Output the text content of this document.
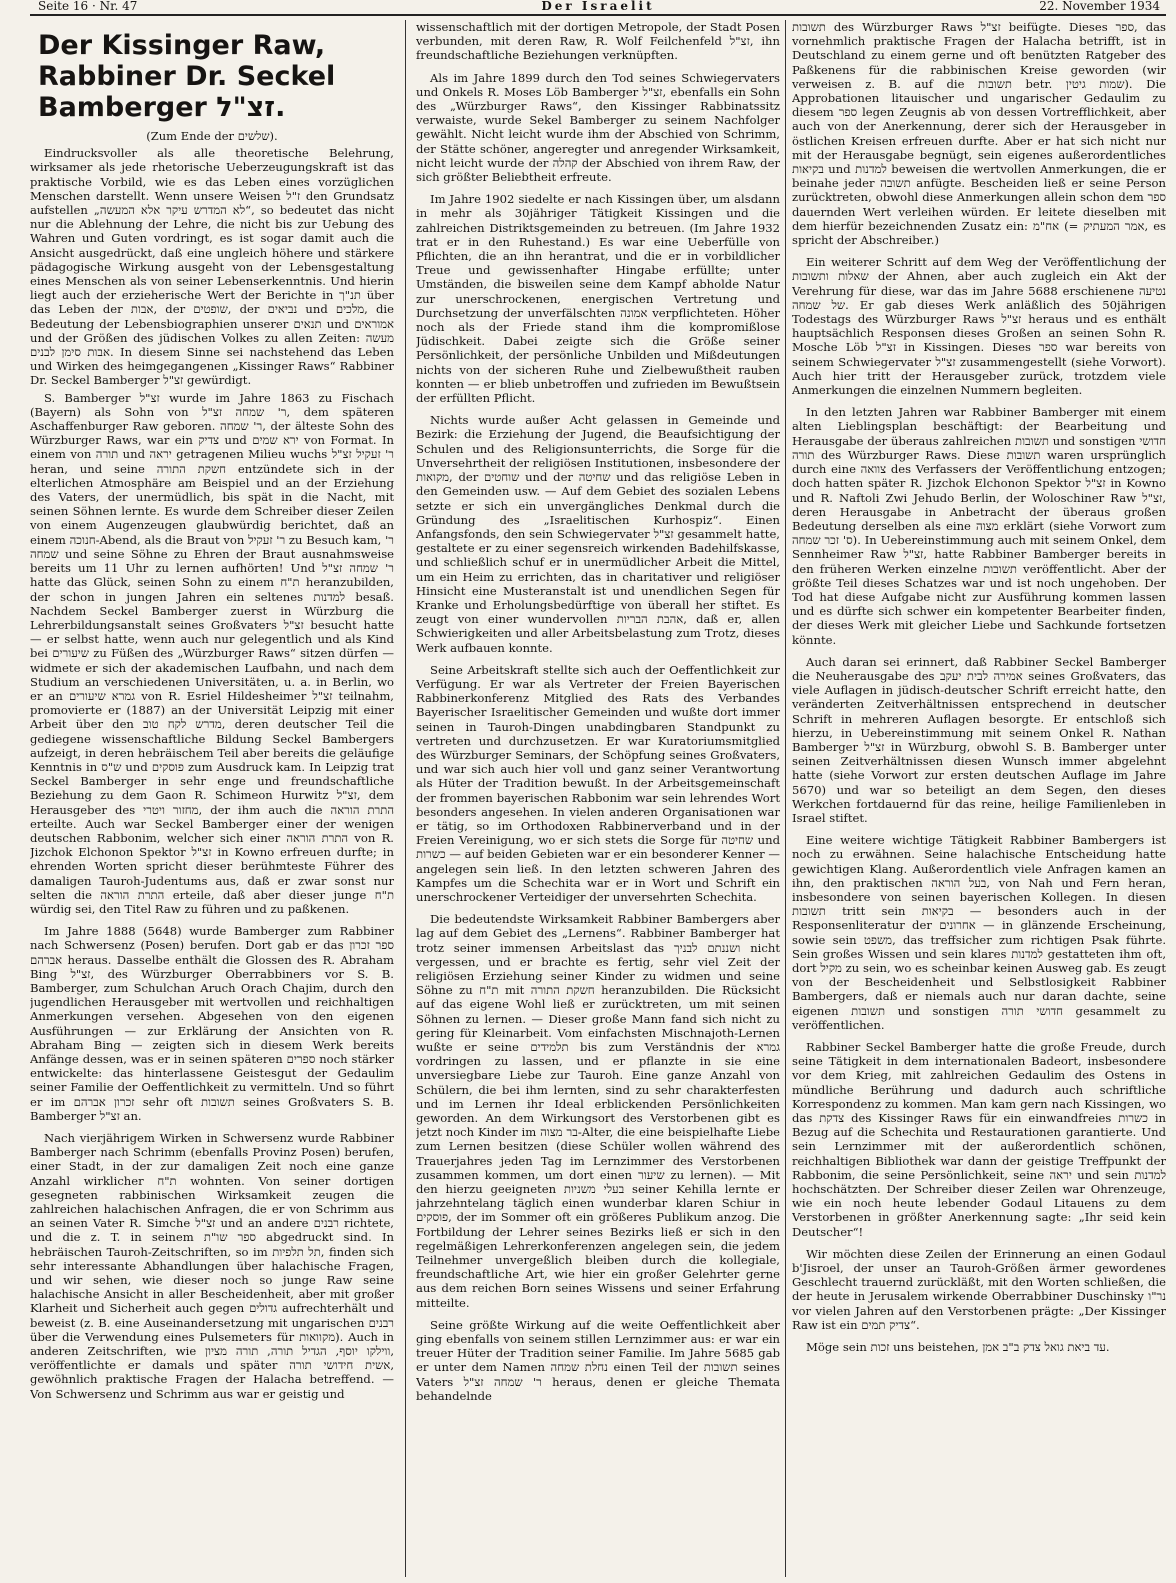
Seite 16 · Nr. 47	Der Israelit	22. November 1934
Der Kissinger Raw, Rabbiner Dr. Seckel Bamberger זצ"ל.

(Zum Ende der שלשים).

Eindrucksvoller als alle theoretische Belehrung, wirksamer als jede rhetorische Ueberzeugungskraft ist das praktische Vorbild, wie es das Leben eines vorzüglichen Menschen darstellt. Wenn unsere Weisen ז"ל den Grundsatz aufstellen „לא המדרש עיקר אלא המעשה“, so bedeutet das nicht nur die Ablehnung der Lehre, die nicht bis zur Uebung des Wahren und Guten vordringt, es ist sogar damit auch die Ansicht ausgedrückt, daß eine ungleich höhere und stärkere pädagogische Wirkung ausgeht von der Lebensgestaltung eines Menschen als von seiner Lebenserkenntnis. Und hierin liegt auch der erzieherische Wert der Berichte in תנ"ך über das Leben der אבות, der שופטים, der נביאים und מלכים, die Bedeutung der Lebensbiographien unserer תנאים und אמוראים und der Größen des jüdischen Volkes zu allen Zeiten: מעשה אבות סימן לבנים. In diesem Sinne sei nachstehend das Leben und Wirken des heimgegangenen „Kissinger Raws“ Rabbiner Dr. Seckel Bamberger זצ"ל gewürdigt.

S. Bamberger זצ"ל wurde im Jahre 1863 zu Fischach (Bayern) als Sohn von ר' שמחה זצ"ל, dem späteren Aschaffenburger Raw geboren. ר' שמחה, der älteste Sohn des Würzburger Raws, war ein צדיק und ירא שמים von Format. In einem von תורה und יראה getragenen Milieu wuchs ר' זעקיל זצ"ל heran, und seine חשקת התורה entzündete sich in der elterlichen Atmosphäre am Beispiel und an der Erziehung des Vaters, der unermüdlich, bis spät in die Nacht, mit seinen Söhnen lernte. Es wurde dem Schreiber dieser Zeilen von einem Augenzeugen glaubwürdig berichtet, daß an einem חנוכה-Abend, als die Braut von ר' זעקיל zu Besuch kam, ר' שמחה und seine Söhne zu Ehren der Braut ausnahmsweise bereits um 11 Uhr zu lernen aufhörten! Und ר' שמחה זצ"ל hatte das Glück, seinen Sohn zu einem ת"ח heranzubilden, der schon in jungen Jahren ein seltenes למדנות besaß. Nachdem Seckel Bamberger zuerst in Würzburg die Lehrerbildungsanstalt seines Großvaters זצ"ל besucht hatte — er selbst hatte, wenn auch nur gelegentlich und als Kind bei שיעורים zu Füßen des „Würzburger Raws“ sitzen dürfen — widmete er sich der akademischen Laufbahn, und nach dem Studium an verschiedenen Universitäten, u. a. in Berlin, wo er an גמרא שיעורים von R. Esriel Hildesheimer זצ"ל teilnahm, promovierte er (1887) an der Universität Leipzig mit einer Arbeit über den מדרש לקח טוב, deren deutscher Teil die gediegene wissenschaftliche Bildung Seckel Bambergers aufzeigt, in deren hebräischem Teil aber bereits die geläufige Kenntnis in ש"ס und פוסקים zum Ausdruck kam. In Leipzig trat Seckel Bamberger in sehr enge und freundschaftliche Beziehung zu dem Gaon R. Schimeon Hurwitz זצ"ל, dem Herausgeber des מחזור ויטרי, der ihm auch die התרת הוראה erteilte. Auch war Seckel Bamberger einer der wenigen deutschen Rabbonim, welcher sich einer התרת הוראה von R. Jizchok Elchonon Spektor זצ"ל in Kowno erfreuen durfte; in ehrenden Worten spricht dieser berühmteste Führer des damaligen Tauroh-Judentums aus, daß er zwar sonst nur selten die התרת הוראה erteile, daß aber dieser junge ת"ח würdig sei, den Titel Raw zu führen und zu paßkenen.

Im Jahre 1888 (5648) wurde Bamberger zum Rabbiner nach Schwersenz (Posen) berufen. Dort gab er das ספר זכרון אברהם heraus. Dasselbe enthält die Glossen des R. Abraham Bing זצ"ל, des Würzburger Oberrabbiners vor S. B. Bamberger, zum Schulchan Aruch Orach Chajim, durch den jugendlichen Herausgeber mit wertvollen und reichhaltigen Anmerkungen versehen. Abgesehen von den eigenen Ausführungen — zur Erklärung der Ansichten von R. Abraham Bing — zeigten sich in diesem Werk bereits Anfänge dessen, was er in seinen späteren ספרים noch stärker entwickelte: das hinterlassene Geistesgut der Gedaulim seiner Familie der Oeffentlichkeit zu vermitteln. Und so führt er im זכרון אברהם sehr oft תשובות seines Großvaters S. B. Bamberger זצ"ל an.

Nach vierjährigem Wirken in Schwersenz wurde Rabbiner Bamberger nach Schrimm (ebenfalls Provinz Posen) berufen, einer Stadt, in der zur damaligen Zeit noch eine ganze Anzahl wirklicher ת"ח wohnten. Von seiner dortigen gesegneten rabbinischen Wirksamkeit zeugen die zahlreichen halachischen Anfragen, die er von Schrimm aus an seinen Vater R. Simche זצ"ל und an andere רבנים richtete, und die z. T. in seinem ספר שו"ת abgedruckt sind. In hebräischen Tauroh-Zeitschriften, so im תל תלפיות, finden sich sehr interessante Abhandlungen über halachische Fragen, und wir sehen, wie dieser noch so junge Raw seine halachische Ansicht in aller Bescheidenheit, aber mit großer Klarheit und Sicherheit auch gegen גדולים aufrechterhält und beweist (z. B. eine Auseinandersetzung mit ungarischen רבנים über die Verwendung eines Pulsemeters für מקוואות). Auch in anderen Zeitschriften, wie ווילקו יוסף, הגדיל תורה, תורה מציון, veröffentlichte er damals und später אשית חידושי תורה, gewöhnlich praktische Fragen der Halacha betreffend. — Von Schwersenz und Schrimm aus war er geistig und

wissenschaftlich mit der dortigen Metropole, der Stadt Posen verbunden, mit deren Raw, R. Wolf Feilchenfeld זצ"ל, ihn freundschaftliche Beziehungen verknüpften.

Als im Jahre 1899 durch den Tod seines Schwiegervaters und Onkels R. Moses Löb Bamberger זצ"ל, ebenfalls ein Sohn des „Würzburger Raws“, den Kissinger Rabbinatssitz verwaiste, wurde Sekel Bamberger zu seinem Nachfolger gewählt. Nicht leicht wurde ihm der Abschied von Schrimm, der Stätte schöner, angeregter und anregender Wirksamkeit, nicht leicht wurde der קהלה der Abschied von ihrem Raw, der sich größter Beliebtheit erfreute.

Im Jahre 1902 siedelte er nach Kissingen über, um alsdann in mehr als 30jähriger Tätigkeit Kissingen und die zahlreichen Distriktsgemeinden zu betreuen. (Im Jahre 1932 trat er in den Ruhestand.) Es war eine Ueberfülle von Pflichten, die an ihn herantrat, und die er in vorbildlicher Treue und gewissenhafter Hingabe erfüllte; unter Umständen, die bisweilen seine dem Kampf abholde Natur zur unerschrockenen, energischen Vertretung und Durchsetzung der unverfälschten אמונה verpflichteten. Höher noch als der Friede stand ihm die kompromißlose Jüdischkeit. Dabei zeigte sich die Größe seiner Persönlichkeit, der persönliche Unbilden und Mißdeutungen nichts von der sicheren Ruhe und Zielbewußtheit rauben konnten — er blieb unbetroffen und zufrieden im Bewußtsein der erfüllten Pflicht.

Nichts wurde außer Acht gelassen in Gemeinde und Bezirk: die Erziehung der Jugend, die Beaufsichtigung der Schulen und des Religionsunterrichts, die Sorge für die Unversehrtheit der religiösen Institutionen, insbesondere der מקואות, der שוחטים und der שחיטה und das religiöse Leben in den Gemeinden usw. — Auf dem Gebiet des sozialen Lebens setzte er sich ein unvergängliches Denkmal durch die Gründung des „Israelitischen Kurhospiz“. Einen Anfangsfonds, den sein Schwiegervater זצ"ל gesammelt hatte, gestaltete er zu einer segensreich wirkenden Badehilfskasse, und schließlich schuf er in unermüdlicher Arbeit die Mittel, um ein Heim zu errichten, das in charitativer und religiöser Hinsicht eine Musteranstalt ist und unendlichen Segen für Kranke und Erholungsbedürftige von überall her stiftet. Es zeugt von einer wundervollen אהבת הבריות, daß er, allen Schwierigkeiten und aller Arbeitsbelastung zum Trotz, dieses Werk aufbauen konnte.

Seine Arbeitskraft stellte sich auch der Oeffentlichkeit zur Verfügung. Er war als Vertreter der Freien Bayerischen Rabbinerkonferenz Mitglied des Rats des Verbandes Bayerischer Israelitischer Gemeinden und wußte dort immer seinen in Tauroh-Dingen unabdingbaren Standpunkt zu vertreten und durchzusetzen. Er war Kuratoriumsmitglied des Würzburger Seminars, der Schöpfung seines Großvaters, und war sich auch hier voll und ganz seiner Verantwortung als Hüter der Tradition bewußt. In der Arbeitsgemeinschaft der frommen bayerischen Rabbonim war sein lehrendes Wort besonders angesehen. In vielen anderen Organisationen war er tätig, so im Orthodoxen Rabbinerverband und in der Freien Vereinigung, wo er sich stets die Sorge für שחיטה und כשרות — auf beiden Gebieten war er ein besonderer Kenner — angelegen sein ließ. In den letzten schweren Jahren des Kampfes um die Schechita war er in Wort und Schrift ein unerschrockener Verteidiger der unversehrten Schechita.

Die bedeutendste Wirksamkeit Rabbiner Bambergers aber lag auf dem Gebiet des „Lernens“. Rabbiner Bamberger hat trotz seiner immensen Arbeitslast das ושננתם לבניך nicht vergessen, und er brachte es fertig, sehr viel Zeit der religiösen Erziehung seiner Kinder zu widmen und seine Söhne zu ת"ח mit חשקת התורה heranzubilden. Die Rücksicht auf das eigene Wohl ließ er zurücktreten, um mit seinen Söhnen zu lernen. — Dieser große Mann fand sich nicht zu gering für Kleinarbeit. Vom einfachsten Mischnajoth-Lernen wußte er seine תלמידים bis zum Verständnis der גמרא vordringen zu lassen, und er pflanzte in sie eine unversiegbare Liebe zur Tauroh. Eine ganze Anzahl von Schülern, die bei ihm lernten, sind zu sehr charakterfesten und im Lernen ihr Ideal erblickenden Persönlichkeiten geworden. An dem Wirkungsort des Verstorbenen gibt es jetzt noch Kinder im בר מצוה-Alter, die eine beispielhafte Liebe zum Lernen besitzen (diese Schüler wollen während des Trauerjahres jeden Tag im Lernzimmer des Verstorbenen zusammen kommen, um dort einen שיעור zu lernen). — Mit den hierzu geeigneten בעלי משניות seiner Kehilla lernte er jahrzehntelang täglich einen wunderbar klaren Schiur in פוסקים, der im Sommer oft ein größeres Publikum anzog. Die Fortbildung der Lehrer seines Bezirks ließ er sich in den regelmäßigen Lehrerkonferenzen angelegen sein, die jedem Teilnehmer unvergeßlich bleiben durch die kollegiale, freundschaftliche Art, wie hier ein großer Gelehrter gerne aus dem reichen Born seines Wissens und seiner Erfahrung mitteilte.

Seine größte Wirkung auf die weite Oeffentlichkeit aber ging ebenfalls von seinem stillen Lernzimmer aus: er war ein treuer Hüter der Tradition seiner Familie. Im Jahre 5685 gab er unter dem Namen נחלת שמחה einen Teil der תשובות seines Vaters ר' שמחה זצ"ל heraus, denen er gleiche Themata behandelnde

תשובות des Würzburger Raws זצ"ל beifügte. Dieses ספר, das vornehmlich praktische Fragen der Halacha betrifft, ist in Deutschland zu einem gerne und oft benützten Ratgeber des Paßkenens für die rabbinischen Kreise geworden (wir verweisen z. B. auf die תשובות betr. שמות גיטין). Die Approbationen litauischer und ungarischer Gedaulim zu diesem ספר legen Zeugnis ab von dessen Vortrefflichkeit, aber auch von der Anerkennung, derer sich der Herausgeber in östlichen Kreisen erfreuen durfte. Aber er hat sich nicht nur mit der Herausgabe begnügt, sein eigenes außerordentliches בקיאות und למדנות beweisen die wertvollen Anmerkungen, die er beinahe jeder תשובה anfügte. Bescheiden ließ er seine Person zurücktreten, obwohl diese Anmerkungen allein schon dem ספר dauernden Wert verleihen würden. Er leitete dieselben mit dem hierfür bezeichnenden Zusatz ein: אח"מ (= אמר המעתיק, es spricht der Abschreiber.)

Ein weiterer Schritt auf dem Weg der Veröffentlichung der שאלות ותשובות der Ahnen, aber auch zugleich ein Akt der Verehrung für diese, war das im Jahre 5688 erschienene נטיעה של שמחה. Er gab dieses Werk anläßlich des 50jährigen Todestags des Würzburger Raws זצ"ל heraus und es enthält hauptsächlich Responsen dieses Großen an seinen Sohn R. Mosche Löb זצ"ל in Kissingen. Dieses ספר war bereits von seinem Schwiegervater זצ"ל zusammengestellt (siehe Vorwort). Auch hier tritt der Herausgeber zurück, trotzdem viele Anmerkungen die einzelnen Nummern begleiten.

In den letzten Jahren war Rabbiner Bamberger mit einem alten Lieblingsplan beschäftigt: der Bearbeitung und Herausgabe der überaus zahlreichen תשובות und sonstigen חדושי תורה des Würzburger Raws. Diese תשובות waren ursprünglich durch eine צוואה des Verfassers der Veröffentlichung entzogen; doch hatten später R. Jizchok Elchonon Spektor זצ"ל in Kowno und R. Naftoli Zwi Jehudo Berlin, der Woloschiner Raw זצ"ל, deren Herausgabe in Anbetracht der überaus großen Bedeutung derselben als eine מצוה erklärt (siehe Vorwort zum ס' זכר שמחה). In Uebereinstimmung auch mit seinem Onkel, dem Sennheimer Raw זצ"ל, hatte Rabbiner Bamberger bereits in den früheren Werken einzelne תשובות veröffentlicht. Aber der größte Teil dieses Schatzes war und ist noch ungehoben. Der Tod hat diese Aufgabe nicht zur Ausführung kommen lassen und es dürfte sich schwer ein kompetenter Bearbeiter finden, der dieses Werk mit gleicher Liebe und Sachkunde fortsetzen könnte.

Auch daran sei erinnert, daß Rabbiner Seckel Bamberger die Neuherausgabe des אמירה לבית יעקב seines Großvaters, das viele Auflagen in jüdisch-deutscher Schrift erreicht hatte, den veränderten Zeitverhältnissen entsprechend in deutscher Schrift in mehreren Auflagen besorgte. Er entschloß sich hierzu, in Uebereinstimmung mit seinem Onkel R. Nathan Bamberger זצ"ל in Würzburg, obwohl S. B. Bamberger unter seinen Zeitverhältnissen diesen Wunsch immer abgelehnt hatte (siehe Vorwort zur ersten deutschen Auflage im Jahre 5670) und war so beteiligt an dem Segen, den dieses Werkchen fortdauernd für das reine, heilige Familienleben in Israel stiftet.

Eine weitere wichtige Tätigkeit Rabbiner Bambergers ist noch zu erwähnen. Seine halachische Entscheidung hatte gewichtigen Klang. Außerordentlich viele Anfragen kamen an ihn, den praktischen בעל הוראה, von Nah und Fern heran, insbesondere von seinen bayerischen Kollegen. In diesen תשובות tritt sein בקיאות — besonders auch in der Responsenliteratur der אחרונים — in glänzende Erscheinung, sowie sein משפט, das treffsicher zum richtigen Psak führte. Sein großes Wissen und sein klares למדנות gestatteten ihm oft, dort מקיל zu sein, wo es scheinbar keinen Ausweg gab. Es zeugt von der Bescheidenheit und Selbstlosigkeit Rabbiner Bambergers, daß er niemals auch nur daran dachte, seine eigenen תשובות und sonstigen חדושי תורה gesammelt zu veröffentlichen.

Rabbiner Seckel Bamberger hatte die große Freude, durch seine Tätigkeit in dem internationalen Badeort, insbesondere vor dem Krieg, mit zahlreichen Gedaulim des Ostens in mündliche Berührung und dadurch auch schriftliche Korrespondenz zu kommen. Man kam gern nach Kissingen, wo das צדקת des Kissinger Raws für ein einwandfreies כשרות in Bezug auf die Schechita und Restaurationen garantierte. Und sein Lernzimmer mit der außerordentlich schönen, reichhaltigen Bibliothek war dann der geistige Treffpunkt der Rabbonim, die seine Persönlichkeit, seine יראה und sein למדנות hochschätzten. Der Schreiber dieser Zeilen war Ohrenzeuge, wie ein noch heute lebender Godaul Litauens zu dem Verstorbenen in größter Anerkennung sagte: „Ihr seid kein Deutscher“!

Wir möchten diese Zeilen der Erinnerung an einen Godaul b'Jisroel, der unser an Tauroh-Größen ärmer gewordenes Geschlecht trauernd zurückläßt, mit den Worten schließen, die der heute in Jerusalem wirkende Oberrabbiner Duschinsky נר"ו vor vielen Jahren auf den Verstorbenen prägte: „Der Kissinger Raw ist ein צדיק תמים“.

Möge sein זכות uns beistehen, עד ביאת גואל צדק ב"ב אמן.
